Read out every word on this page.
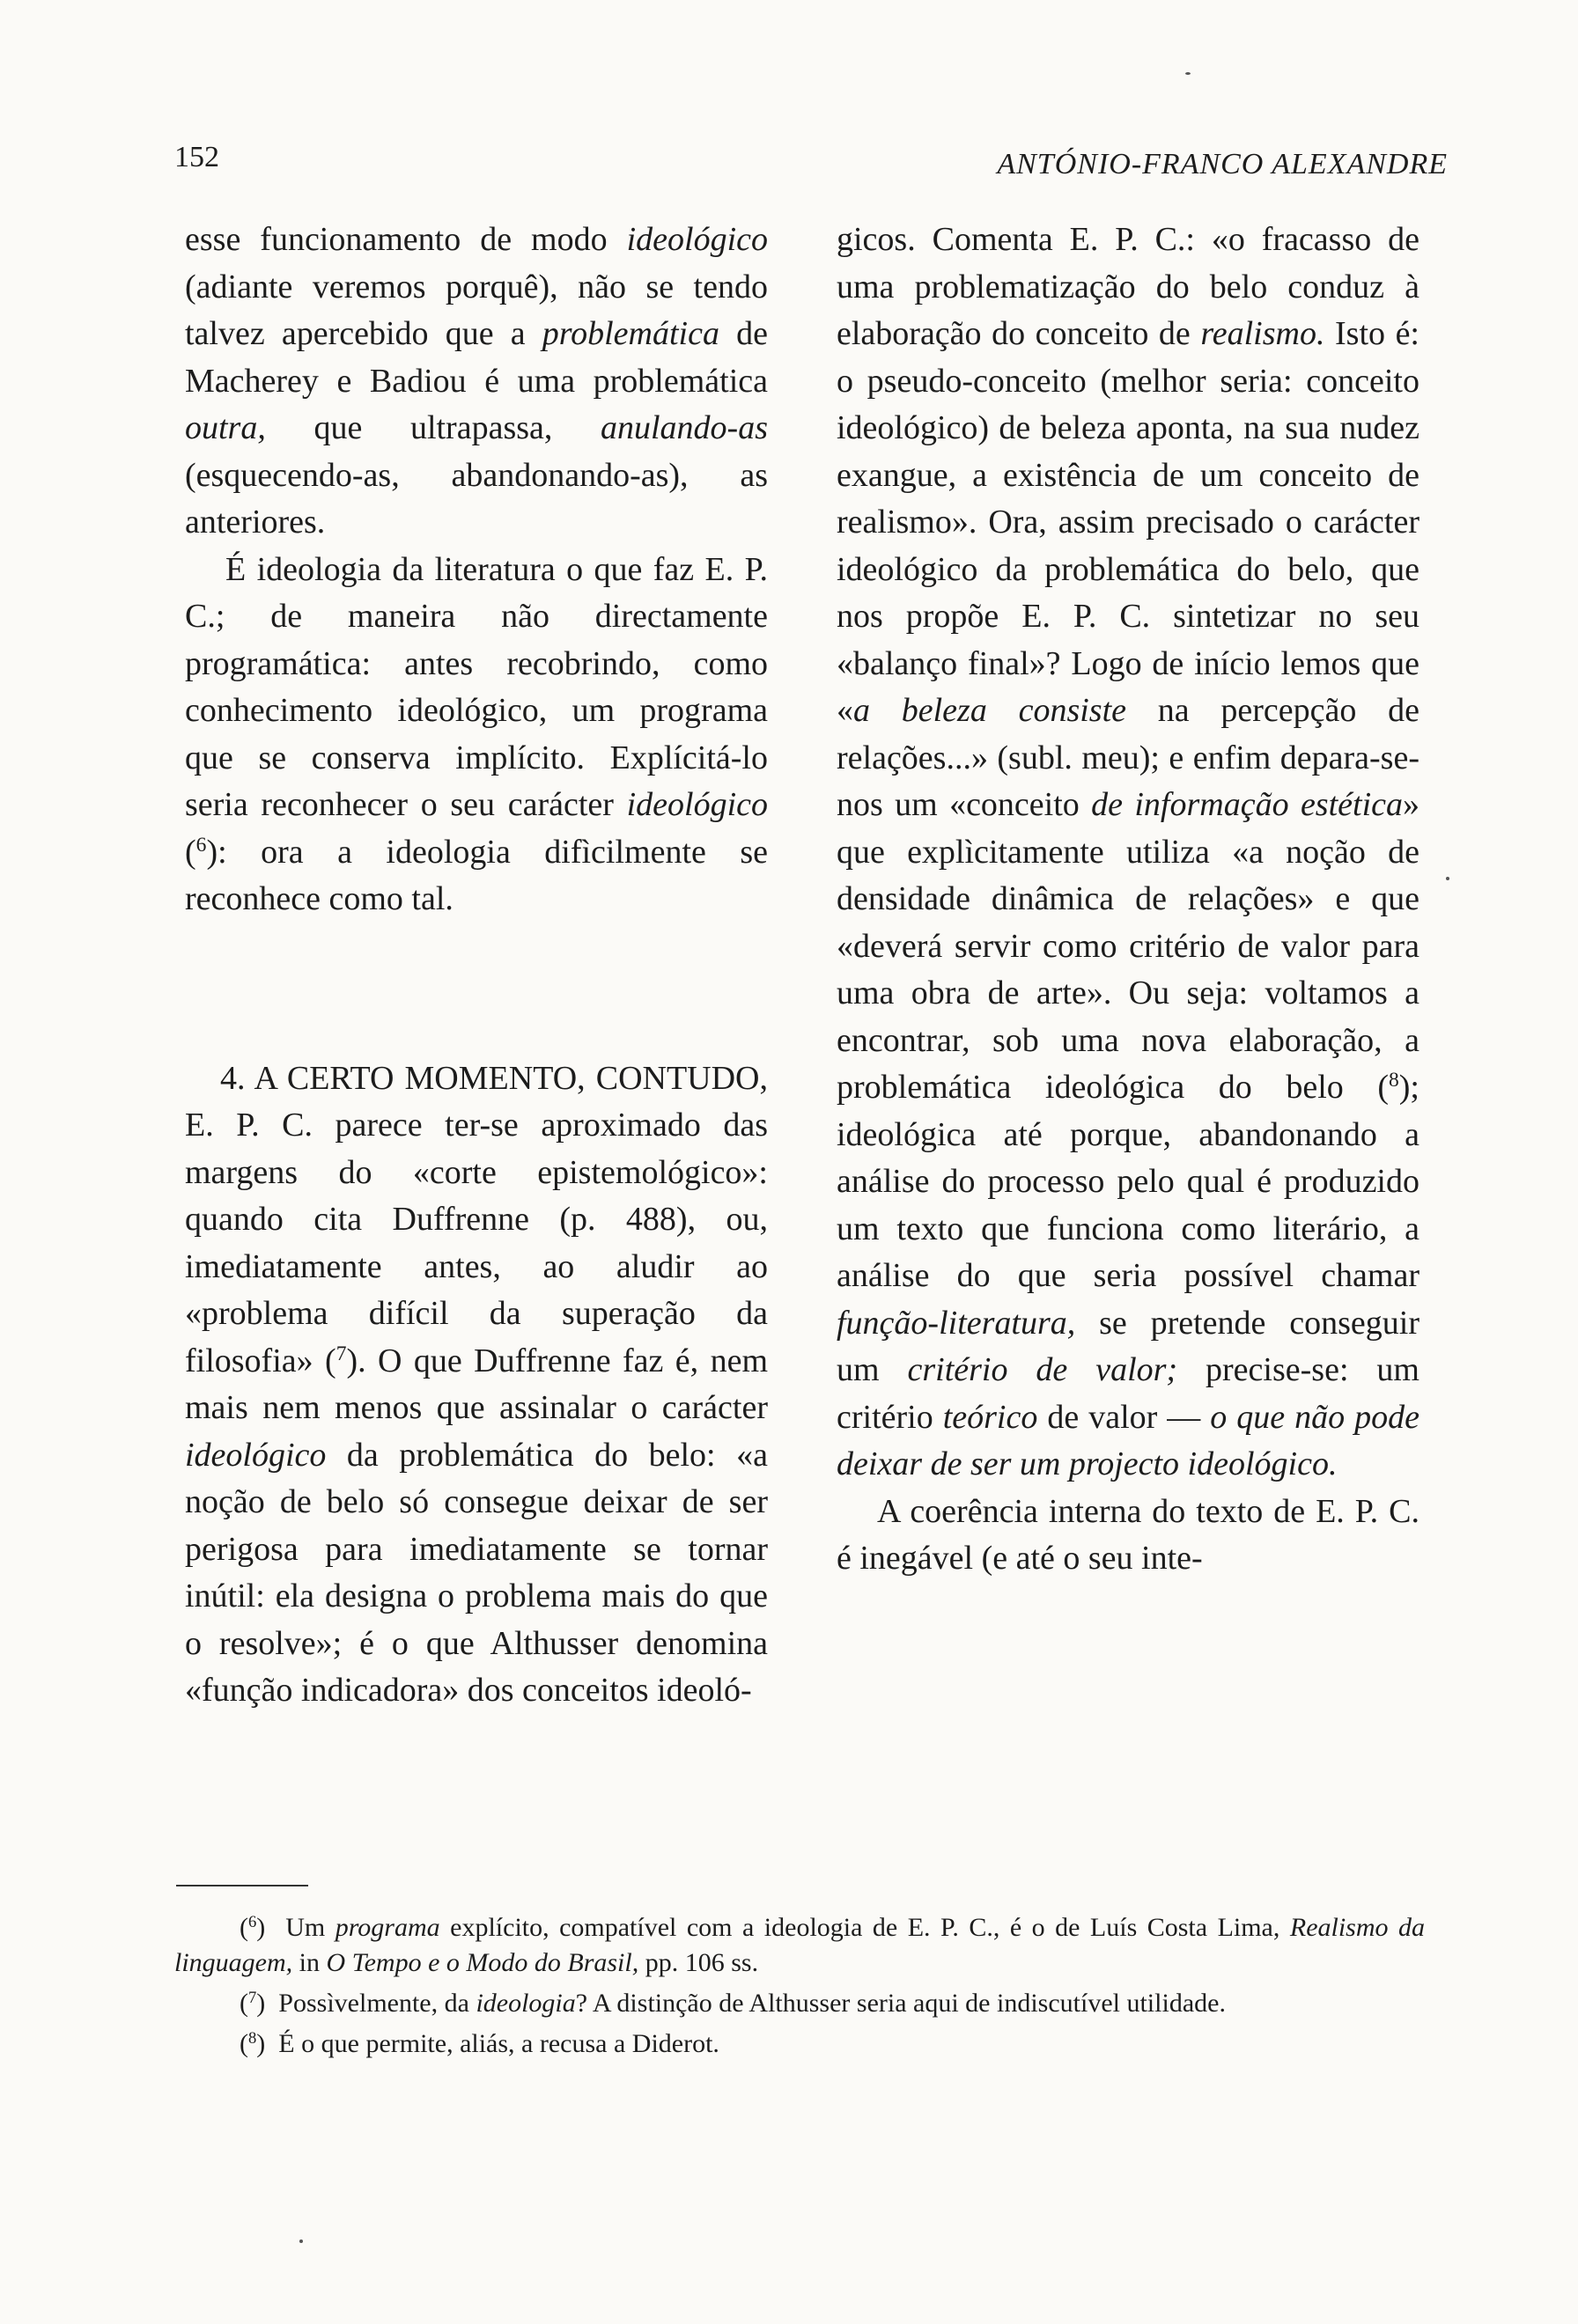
152	ANTÓNIO-FRANCO ALEXANDRE

esse funcionamento de modo ideológico (adiante veremos porquê), não se tendo talvez apercebido que a problemática de Macherey e Badiou é uma problemática outra, que ultrapassa, anulando-as (esquecendo-as, abandonando-as), as anteriores.

É ideologia da literatura o que faz E. P. C.; de maneira não directamente programática: antes recobrindo, como conhecimento ideológico, um programa que se conserva implícito. Explícitá-lo seria reconhecer o seu carácter ideológico ($^6$): ora a ideologia difìcilmente se reconhece como tal.

4. A CERTO MOMENTO, CONTUDO, E. P. C. parece ter-se aproximado das margens do «corte epistemológico»: quando cita Duffrenne (p. 488), ou, imediatamente antes, ao aludir ao «problema difícil da superação da filosofia» ($^7$). O que Duffrenne faz é, nem mais nem menos que assinalar o carácter ideológico da problemática do belo: «a noção de belo só consegue deixar de ser perigosa para imediatamente se tornar inútil: ela designa o problema mais do que o resolve»; é o que Althusser denomina «função indicadora» dos conceitos ideoló-

gicos. Comenta E. P. C.: «o fracasso de uma problematização do belo conduz à elaboração do conceito de realismo. Isto é: o pseudo-conceito (melhor seria: conceito ideológico) de beleza aponta, na sua nudez exangue, a existência de um conceito de realismo». Ora, assim precisado o carácter ideológico da problemática do belo, que nos propõe E. P. C. sintetizar no seu «balanço final»? Logo de início lemos que «a beleza consiste na percepção de relações...» (subl. meu); e enfim depara-se-nos um «conceito de informação estética» que explìcitamente utiliza «a noção de densidade dinâmica de relações» e que «deverá servir como critério de valor para uma obra de arte». Ou seja: voltamos a encontrar, sob uma nova elaboração, a problemática ideológica do belo ($^8$); ideológica até porque, abandonando a análise do processo pelo qual é produzido um texto que funciona como literário, a análise do que seria possível chamar função-literatura, se pretende conseguir um critério de valor; precise-se: um critério teórico de valor — o que não pode deixar de ser um projecto ideológico.

A coerência interna do texto de E. P. C. é inegável (e até o seu inte-

($^6$)  Um programa explícito, compatível com a ideologia de E. P. C., é o de Luís Costa Lima, Realismo da linguagem, in O Tempo e o Modo do Brasil, pp. 106 ss.

($^7$)  Possìvelmente, da ideologia? A distinção de Althusser seria aqui de indiscutível utilidade.

($^8$)  É o que permite, aliás, a recusa a Diderot.
